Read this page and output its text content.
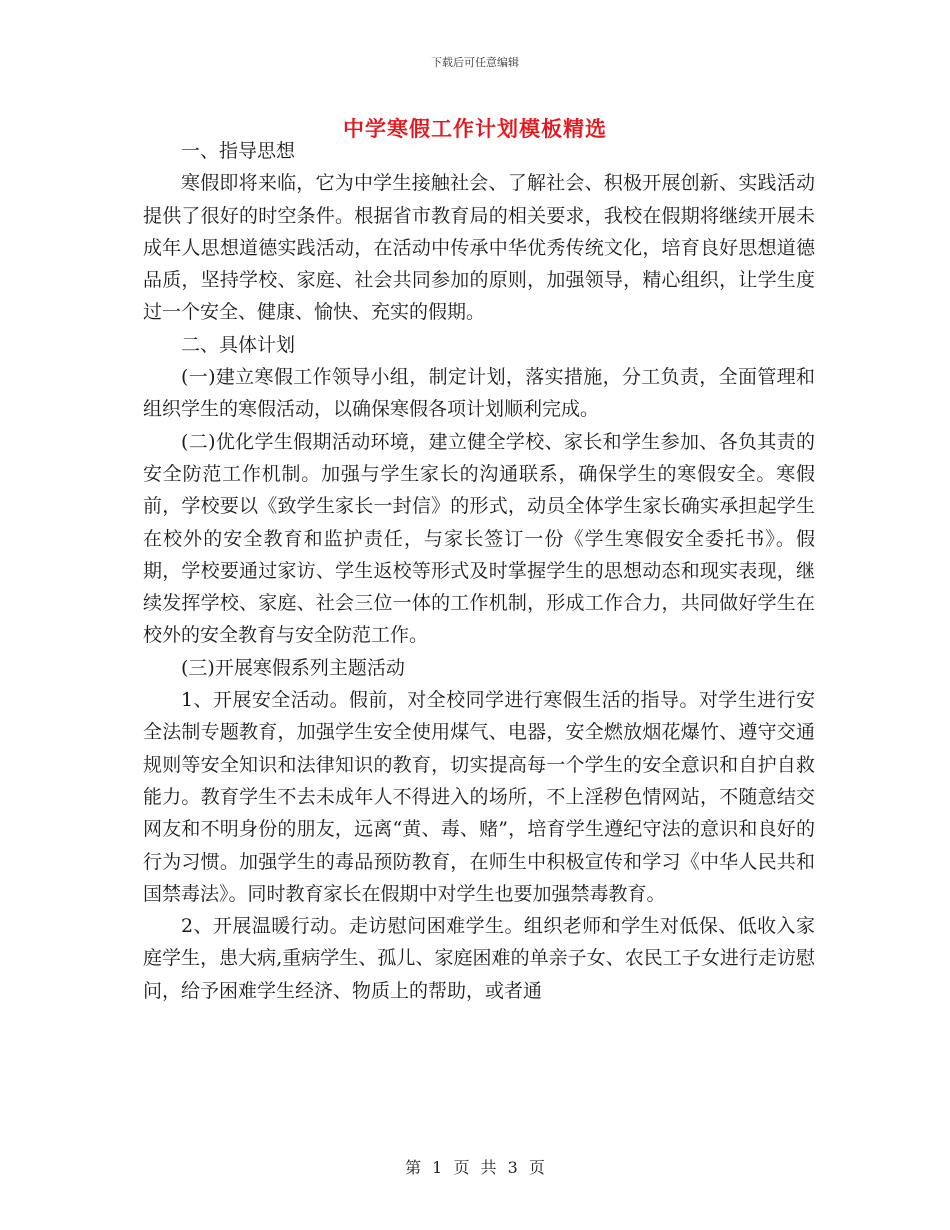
下载后可任意编辑
中学寒假工作计划模板精选

一、指导思想

寒假即将来临，它为中学生接触社会、了解社会、积极开展创新、实践活动提供了很好的时空条件。根据省市教育局的相关要求，我校在假期将继续开展未成年人思想道德实践活动，在活动中传承中华优秀传统文化，培育良好思想道德品质，坚持学校、家庭、社会共同参加的原则，加强领导，精心组织，让学生度过一个安全、健康、愉快、充实的假期。

二、具体计划

(一)建立寒假工作领导小组，制定计划，落实措施，分工负责，全面管理和组织学生的寒假活动，以确保寒假各项计划顺利完成。

(二)优化学生假期活动环境，建立健全学校、家长和学生参加、各负其责的安全防范工作机制。加强与学生家长的沟通联系，确保学生的寒假安全。寒假前，学校要以《致学生家长一封信》的形式，动员全体学生家长确实承担起学生在校外的安全教育和监护责任，与家长签订一份《学生寒假安全委托书》。假期，学校要通过家访、学生返校等形式及时掌握学生的思想动态和现实表现，继续发挥学校、家庭、社会三位一体的工作机制，形成工作合力，共同做好学生在校外的安全教育与安全防范工作。

(三)开展寒假系列主题活动

1、开展安全活动。假前，对全校同学进行寒假生活的指导。对学生进行安全法制专题教育，加强学生安全使用煤气、电器，安全燃放烟花爆竹、遵守交通规则等安全知识和法律知识的教育，切实提高每一个学生的安全意识和自护自救能力。教育学生不去未成年人不得进入的场所，不上淫秽色情网站，不随意结交网友和不明身份的朋友，远离“黄、毒、赌”，培育学生遵纪守法的意识和良好的行为习惯。加强学生的毒品预防教育，在师生中积极宣传和学习《中华人民共和国禁毒法》。同时教育家长在假期中对学生也要加强禁毒教育。

2、开展温暖行动。走访慰问困难学生。组织老师和学生对低保、低收入家庭学生，患大病,重病学生、孤儿、家庭困难的单亲子女、农民工子女进行走访慰问，给予困难学生经济、物质上的帮助，或者通

第 1 页 共 3 页
